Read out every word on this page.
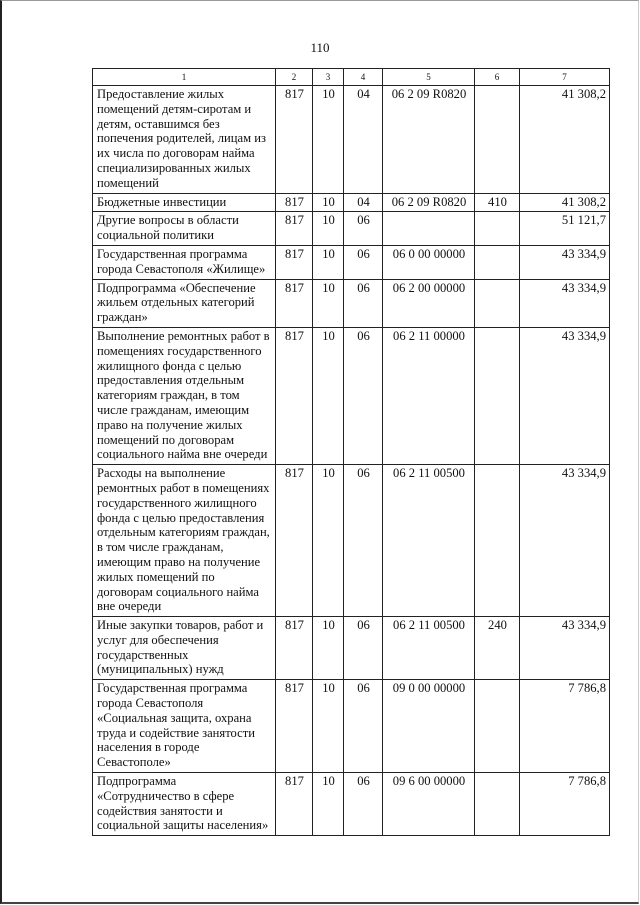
110
1	2	3	4	5	6	7
Предоставление жилых помещений детям-сиротам и детям, оставшимся без попечения родителей, лицам из их числа по договорам найма специализированных жилых помещений	817	10	04	06 2 09 R0820		41 308,2
Бюджетные инвестиции	817	10	04	06 2 09 R0820	410	41 308,2
Другие вопросы в области социальной политики	817	10	06			51 121,7
Государственная программа города Севастополя «Жилище»	817	10	06	06 0 00 00000		43 334,9
Подпрограмма «Обеспечение жильем отдельных категорий граждан»	817	10	06	06 2 00 00000		43 334,9
Выполнение ремонтных работ в помещениях государственного жилищного фонда с целью предоставления отдельным категориям граждан, в том числе гражданам, имеющим право на получение жилых помещений по договорам социального найма вне очереди	817	10	06	06 2 11 00000		43 334,9
Расходы на выполнение ремонтных работ в помещениях государственного жилищного фонда с целью предоставления отдельным категориям граждан, в том числе гражданам, имеющим право на получение жилых помещений по договорам социального найма вне очереди	817	10	06	06 2 11 00500		43 334,9
Иные закупки товаров, работ и услуг для обеспечения государственных (муниципальных) нужд	817	10	06	06 2 11 00500	240	43 334,9
Государственная программа города Севастополя «Социальная защита, охрана труда и содействие занятости населения в городе Севастополе»	817	10	06	09 0 00 00000		7 786,8
Подпрограмма «Сотрудничество в сфере содействия занятости и социальной защиты населения»	817	10	06	09 6 00 00000		7 786,8
